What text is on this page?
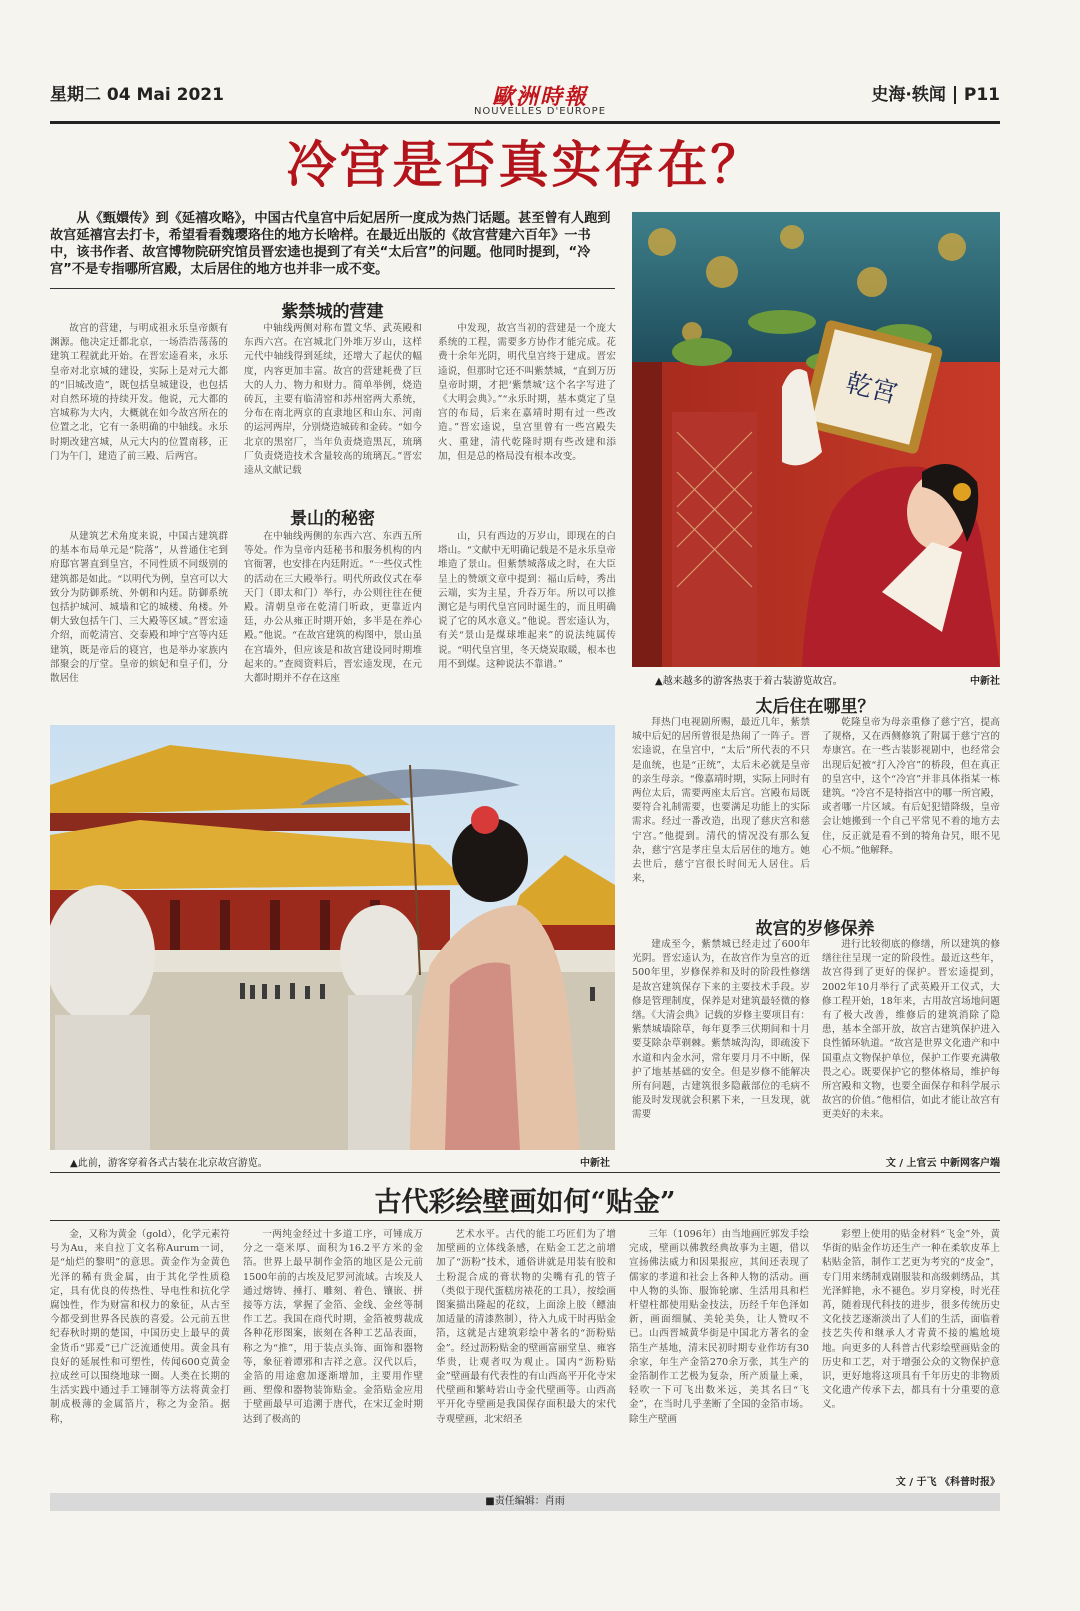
星期二 04 Mai 2021	歐洲時報
NOUVELLES D'EUROPE
史海·轶闻 P11
冷宫是否真实存在？
从《甄嬛传》到《延禧攻略》，中国古代皇宫中后妃居所一度成为热门话题。甚至曾有人跑到故宫延禧宫去打卡，希望看看魏璎珞住的地方长啥样。在最近出版的《故宫营建六百年》一书中，该书作者、故宫博物院研究馆员晋宏逵也提到了有关“太后宫”的问题。他同时提到，“冷宫”不是专指哪所宫殿，太后居住的地方也并非一成不变。
紫禁城的营建

故宫的营建，与明成祖永乐皇帝颇有渊源。他决定迁都北京，一场浩浩荡荡的建筑工程就此开始。在晋宏逵看来，永乐皇帝对北京城的建设，实际上是对元大都的“旧城改造”，既包括皇城建设，也包括对自然环境的持续开发。他说，元大都的宫城称为大内，大概就在如今故宫所在的位置之北，它有一条明确的中轴线。永乐时期改建宫城，从元大内的位置南移，正门为午门，建造了前三殿、后两宫。

中轴线两侧对称布置文华、武英殿和东西六宫。在宫城北门外堆万岁山，这样元代中轴线得到延续，还增大了起伏的幅度，内容更加丰富。故宫的营建耗费了巨大的人力、物力和财力。简单举例，烧造砖瓦，主要有临清窑和苏州窑两大系统，分布在南北两京的直隶地区和山东、河南的运河两岸，分别烧造城砖和金砖。“如今北京的黑窑厂，当年负责烧造黑瓦，琉璃厂负责烧造技术含量较高的琉璃瓦。”晋宏逵从文献记载

中发现，故宫当初的营建是一个庞大系统的工程，需要多方协作才能完成。花费十余年光阴，明代皇宫终于建成。晋宏逵说，但那时它还不叫紫禁城，“直到万历皇帝时期，才把‘紫禁城’这个名字写进了《大明会典》。”“永乐时期，基本奠定了皇宫的布局，后来在嘉靖时期有过一些改造。”晋宏逵说，皇宫里曾有一些宫殿失火、重建，清代乾隆时期有些改建和添加，但是总的格局没有根本改变。

景山的秘密

从建筑艺术角度来说，中国古建筑群的基本布局单元是“院落”，从普通住宅到府邸官署直到皇宫，不同性质不同级别的建筑都是如此。“以明代为例，皇宫可以大致分为防御系统、外朝和内廷。防御系统包括护城河、城墙和它的城楼、角楼。外朝大致包括午门、三大殿等区域。”晋宏逵介绍，而乾清宫、交泰殿和坤宁宫等内廷建筑，既是帝后的寝宫，也是举办家族内部聚会的厅堂。皇帝的嫔妃和皇子们，分散居住

在中轴线两侧的东西六宫、东西五所等处。作为皇帝内廷秘书和服务机构的内官衙署，也安排在内廷附近。“一些仪式性的活动在三大殿举行。明代所政仪式在奉天门（即太和门）举行，办公则往往在便殿。清朝皇帝在乾清门听政，更靠近内廷，办公从雍正时期开始，多半是在养心殿。”他说。“在故宫建筑的构图中，景山虽在宫墙外，但应该是和故宫建设同时期堆起来的。”查阅资料后，晋宏逵发现，在元大都时期并不存在这座

山，只有西边的万岁山，即现在的白塔山。“文献中无明确记载是不是永乐皇帝堆造了景山。但紫禁城落成之时，在大臣呈上的赞颂文章中提到：福山后峙，秀出云端，实为主星，升吞万年。所以可以推测它是与明代皇宫同时诞生的，而且明确说了它的风水意义。”他说。晋宏逵认为，有关“景山是煤球堆起来”的说法纯属传说。“明代皇宫里，冬天烧炭取暖，根本也用不到煤。这种说法不靠谱。”

乾宮
▲越来越多的游客热衷于着古装游览故宫。	中新社
▲此前，游客穿着各式古装在北京故宫游览。	中新社
太后住在哪里？

拜热门电视剧所赐，最近几年，紫禁城中后妃的居所曾很是热闹了一阵子。晋宏逵说，在皇宫中，“太后”所代表的不只是血统，也是“正统”，太后未必就是皇帝的亲生母亲。“像嘉靖时期，实际上同时有两位太后，需要两座太后宫。宫殿布局既要符合礼制需要，也要满足功能上的实际需求。经过一番改造，出现了慈庆宫和慈宁宫。”他提到。清代的情况没有那么复杂，慈宁宫是孝庄皇太后居住的地方。她去世后，慈宁宫很长时间无人居住。后来，

乾隆皇帝为母亲重修了慈宁宫，提高了规格，又在西侧修筑了附属于慈宁宫的寿康宫。在一些古装影视剧中，也经常会出现后妃被“打入冷宫”的桥段，但在真正的皇宫中，这个“冷宫”并非具体指某一栋建筑。“冷宫不是特指宫中的哪一所宫殿，或者哪一片区域。有后妃犯错降级，皇帝会让她搬到一个自己平常见不着的地方去住，反正就是看不到的犄角旮旯，眼不见心不烦。”他解释。

故宫的岁修保养

建成至今，紫禁城已经走过了600年光阴。晋宏逵认为，在故宫作为皇宫的近500年里，岁修保养和及时的阶段性修缮是故宫建筑保存下来的主要技术手段。岁修是管理制度，保养是对建筑最轻微的修缮。《大清会典》记载的岁修主要项目有：紫禁城墙除草，每年夏季三伏期间和十月要芟除杂草剃棘。紫禁城沟沟，即疏浚下水道和内金水河，常年要月月不中断，保护了地基基础的安全。但是岁修不能解决所有问题，古建筑很多隐蔽部位的毛病不能及时发现就会积累下来，一旦发现，就需要

进行比较彻底的修缮，所以建筑的修缮往往呈现一定的阶段性。最近这些年，故宫得到了更好的保护。晋宏逵提到，2002年10月举行了武英殿开工仪式，大修工程开始，18年来，古用故宫场地问题有了极大改善，维修后的建筑消除了隐患，基本全部开放，故宫古建筑保护进入良性循环轨道。“故宫是世界文化遗产和中国重点文物保护单位，保护工作要充满敬畏之心。既要保护它的整体格局，维护每所宫殿和文物，也要全面保存和科学展示故宫的价值。”他相信，如此才能让故宫有更美好的未来。

文 / 上官云 中新网客户端
古代彩绘壁画如何“贴金”

金，又称为黄金（gold），化学元素符号为Au，来自拉丁文名称Aurum一词，是“灿烂的黎明”的意思。黄金作为金黄色光泽的稀有贵金属，由于其化学性质稳定，具有优良的传热性、导电性和抗化学腐蚀性，作为财富和权力的象征，从古至今都受到世界各民族的喜爱。公元前五世纪春秋时期的楚国，中国历史上最早的黄金货币“郢爰”已广泛流通使用。黄金具有良好的延展性和可塑性，传闻600克黄金拉成丝可以围绕地球一圈。人类在长期的生活实践中通过手工锤制等方法将黄金打制成极薄的金属箔片，称之为金箔。据称，

一两纯金经过十多道工序，可锤成万分之一毫米厚、面积为16.2平方米的金箔。世界上最早制作金箔的地区是公元前1500年前的古埃及尼罗河流域。古埃及人通过熔铸、捶打、雕刻、着色、镶嵌、拼接等方法，掌握了金箔、金线、金丝等制作工艺。我国在商代时期，金箔被剪裁成各种花形图案，嵌刻在各种工艺品表面，称之为“推”，用于装点头饰、面饰和器物等，象征着谭邪和吉祥之意。汉代以后，金箔的用途愈加逐渐增加，主要用作壁画、塑像和器物装饰贴金。金箔贴金应用于壁画最早可追溯于唐代，在宋辽金时期达到了极高的

艺术水平。古代的能工巧匠们为了增加壁画的立体线条感，在贴金工艺之前增加了“沥粉”技术，通俗讲就是用装有胶和土粉混合成的膏状物的尖嘴有孔的管子（类似于现代蛋糕房裱花的工具），按绘画图案描出隆起的花纹，上面涂上胶（鳔油加适量的清漆熬制），待入九成干时再贴金箔，这就是古建筑彩绘中著名的“沥粉贴金”。经过沥粉贴金的壁画富丽堂皇、雍容华贵，让观者叹为观止。国内“沥粉贴金”壁画最有代表性的有山西高平开化寺宋代壁画和繁峙岩山寺金代壁画等。山西高平开化寺壁画是我国保存面积最大的宋代寺观壁画，北宋绍圣

三年（1096年）由当地画匠郭发手绘完成，壁画以佛教经典故事为主题，借以宣扬佛法威力和因果报应，其间还表现了儒家的孝道和社会上各种人物的活动。画中人物的头饰、服饰轮廓、生活用具和栏杆望柱都使用贴金技法，历经千年色泽如新，画面细腻、美轮美奂，让人赞叹不已。山西晋城黄华街是中国北方著名的金箔生产基地，清末民初时期专业作坊有30余家，年生产金箔270余万张，其生产的金箔制作工艺极为复杂，所产质量上乘，轻吹一下可飞出数米远，美其名曰“飞金”，在当时几乎垄断了全国的金箔市场。除生产壁画

彩塑上使用的贴金材料“飞金”外，黄华街的贴金作坊还生产一种在柔软皮革上粘贴金箔，制作工艺更为考究的“皮金”，专门用来绣制戏剧服装和高级刺绣品，其光泽鲜艳，永不褪色。岁月穿梭，时光荏苒，随着现代科技的进步，很多传统历史文化技艺逐渐淡出了人们的生活，面临着技艺失传和继承人才青黄不接的尴尬境地。向更多的人科普古代彩绘壁画贴金的历史和工艺，对于增强公众的文物保护意识，更好地将这项具有千年历史的非物质文化遗产传承下去，都具有十分重要的意义。

文 / 于飞 《科普时报》
■责任编辑：肖雨
